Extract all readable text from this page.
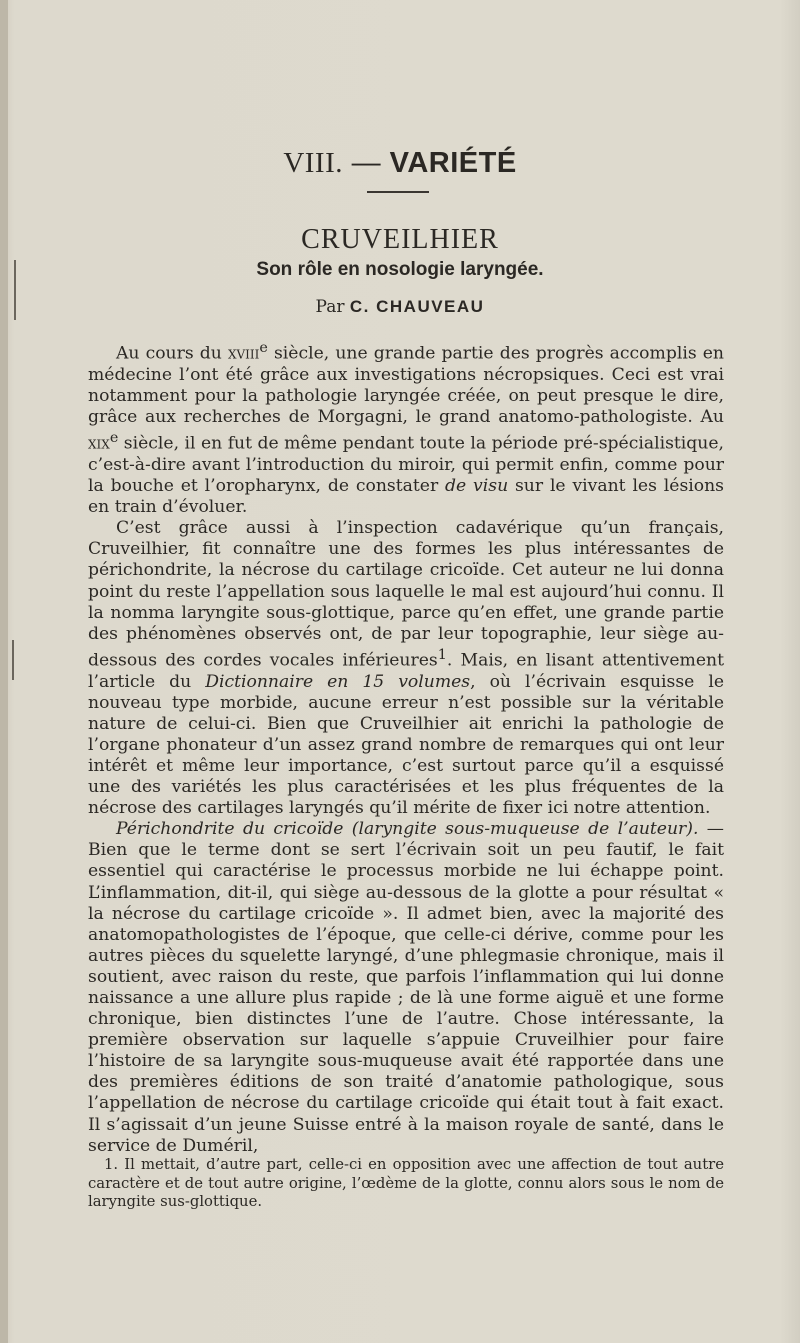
VIII. — VARIÉTÉ
CRUVEILHIER
Son rôle en nosologie laryngée.
Par C. CHAUVEAU

Au cours du xviii$^e$ siècle, une grande partie des progrès accomplis en médecine l’ont été grâce aux investigations nécropsiques. Ceci est vrai notamment pour la pathologie laryngée créée, on peut presque le dire, grâce aux recherches de Morgagni, le grand anatomo-pathologiste. Au xix$^e$ siècle, il en fut de même pendant toute la période pré-spécialistique, c’est-à-dire avant l’introduction du miroir, qui permit enfin, comme pour la bouche et l’oropharynx, de constater de visu sur le vivant les lésions en train d’évoluer.

C’est grâce aussi à l’inspection cadavérique qu’un français, Cruveilhier, fit connaître une des formes les plus intéressantes de périchondrite, la nécrose du cartilage cricoïde. Cet auteur ne lui donna point du reste l’appellation sous laquelle le mal est aujourd’hui connu. Il la nomma laryngite sous-glottique, parce qu’en effet, une grande partie des phénomènes observés ont, de par leur topographie, leur siège au-dessous des cordes vocales inférieures$^1$. Mais, en lisant attentivement l’article du Dictionnaire en 15 volumes, où l’écrivain esquisse le nouveau type morbide, aucune erreur n’est possible sur la véritable nature de celui-ci. Bien que Cruveilhier ait enrichi la pathologie de l’organe phonateur d’un assez grand nombre de remarques qui ont leur intérêt et même leur importance, c’est surtout parce qu’il a esquissé une des variétés les plus caractérisées et les plus fréquentes de la nécrose des cartilages laryngés qu’il mérite de fixer ici notre attention.

Périchondrite du cricoïde (laryngite sous-muqueuse de l’auteur). — Bien que le terme dont se sert l’écrivain soit un peu fautif, le fait essentiel qui caractérise le processus morbide ne lui échappe point. L’inflammation, dit-il, qui siège au-dessous de la glotte a pour résultat « la nécrose du cartilage cricoïde ». Il admet bien, avec la majorité des anatomopathologistes de l’époque, que celle-ci dérive, comme pour les autres pièces du squelette laryngé, d’une phlegmasie chronique, mais il soutient, avec raison du reste, que parfois l’inflammation qui lui donne naissance a une allure plus rapide ; de là une forme aiguë et une forme chronique, bien distinctes l’une de l’autre. Chose intéressante, la première observation sur laquelle s’appuie Cruveilhier pour faire l’histoire de sa laryngite sous-muqueuse avait été rapportée dans une des premières éditions de son traité d’anatomie pathologique, sous l’appellation de nécrose du cartilage cricoïde qui était tout à fait exact. Il s’agissait d’un jeune Suisse entré à la maison royale de santé, dans le service de Duméril,

1. Il mettait, d’autre part, celle-ci en opposition avec une affection de tout autre caractère et de tout autre origine, l’œdème de la glotte, connu alors sous le nom de laryngite sus-glottique.
